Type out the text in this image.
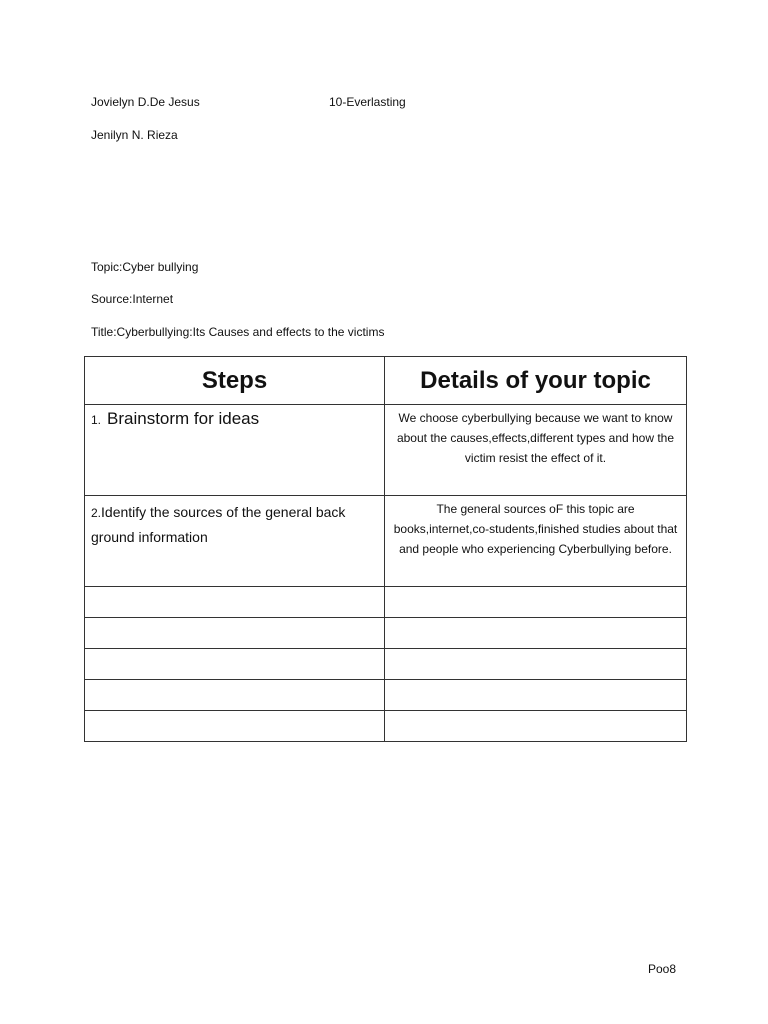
Jovielyn D.De Jesus	10-Everlasting
Jenilyn N. Rieza
Topic:Cyber bullying
Source:Internet
Title:Cyberbullying:Its Causes and effects to the victims
Steps	Details of your topic

1. Brainstorm for ideas	We choose cyberbullying because we want to know about the causes,effects,different types and how the victim resist the effect of it.

2.Identify the sources of the general back ground information	The general sources oF this topic are books,internet,co-students,finished studies about that and people who experiencing Cyberbullying before.

Poo8
